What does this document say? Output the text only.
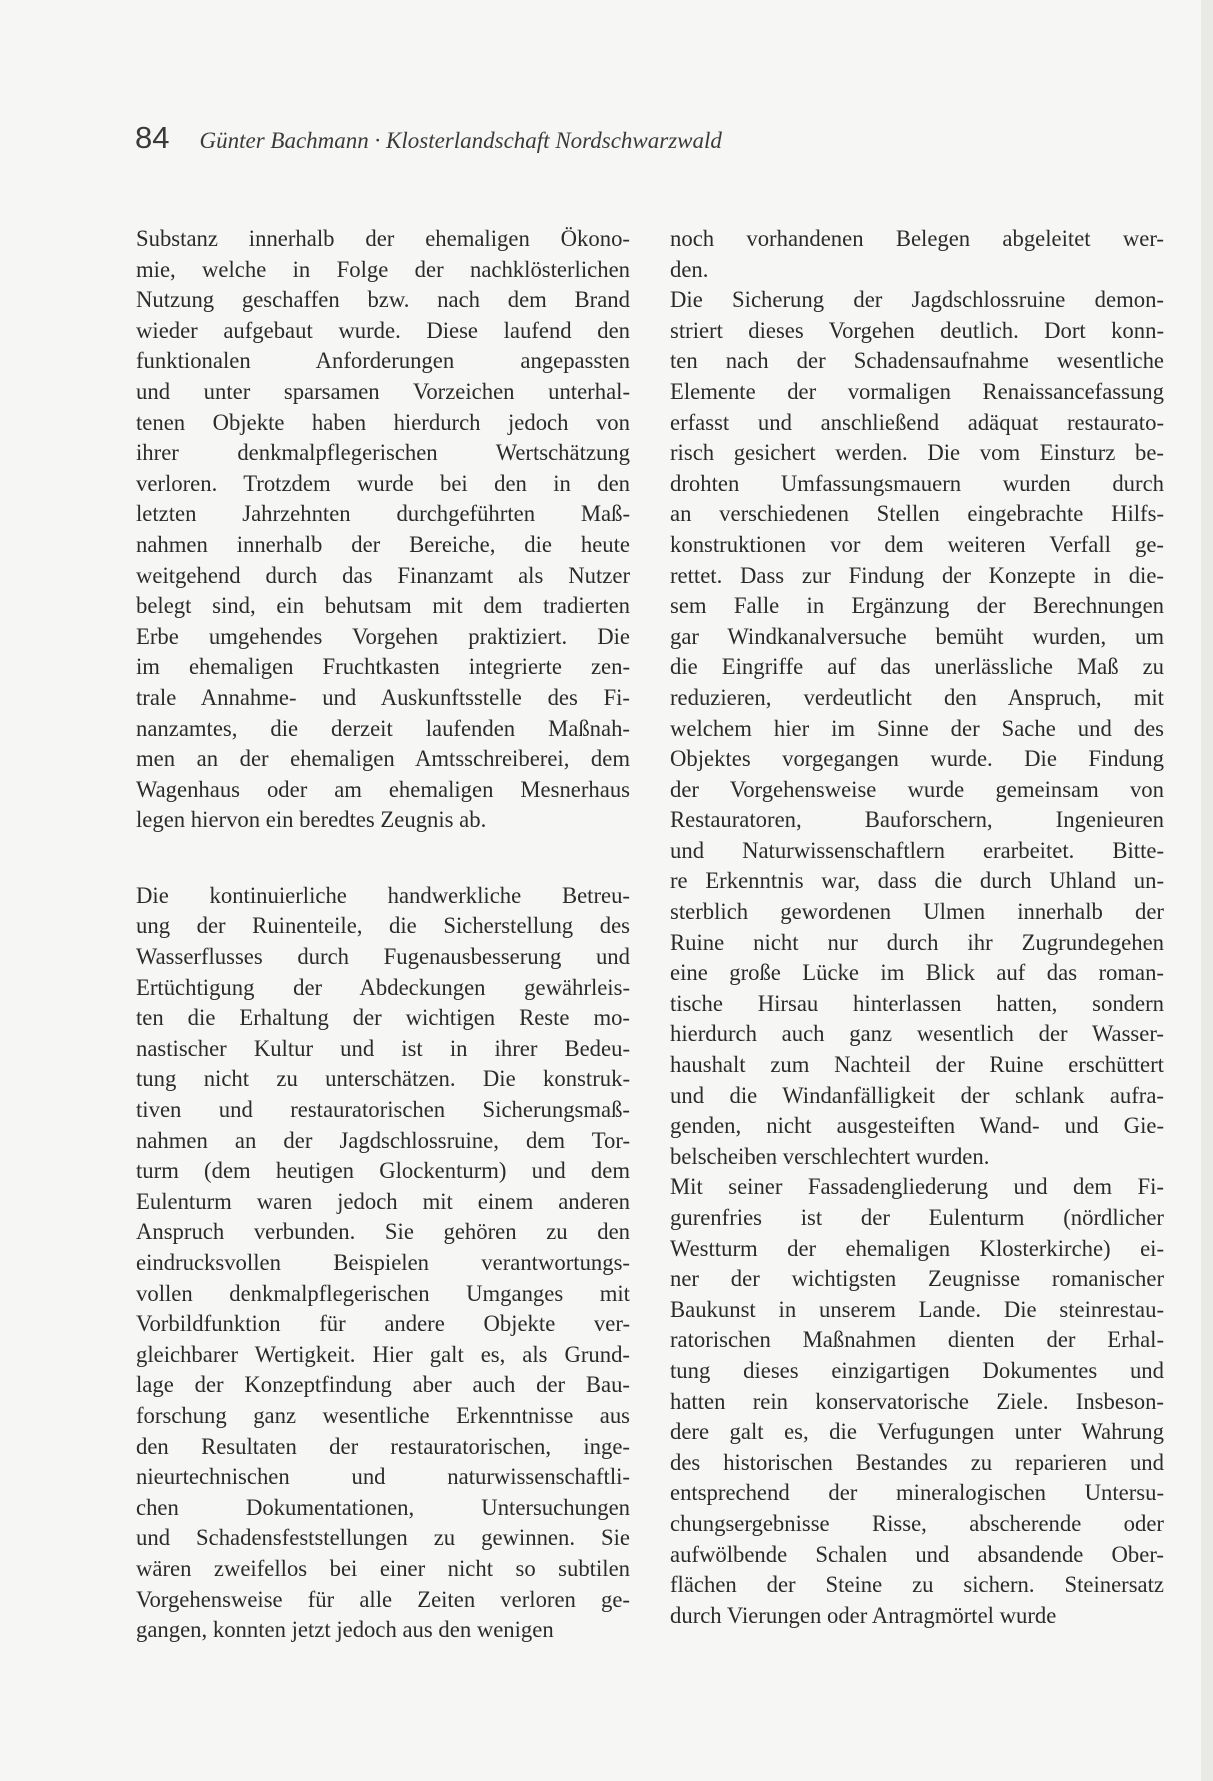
84 Günter Bachmann · Klosterlandschaft Nordschwarzwald
Substanz innerhalb der ehemaligen Ökono-
mie, welche in Folge der nachklösterlichen
Nutzung geschaffen bzw. nach dem Brand
wieder aufgebaut wurde. Diese laufend den
funktionalen Anforderungen angepassten
und unter sparsamen Vorzeichen unterhal-
tenen Objekte haben hierdurch jedoch von
ihrer denkmalpflegerischen Wertschätzung
verloren. Trotzdem wurde bei den in den
letzten Jahrzehnten durchgeführten Maß-
nahmen innerhalb der Bereiche, die heute
weitgehend durch das Finanzamt als Nutzer
belegt sind, ein behutsam mit dem tradierten
Erbe umgehendes Vorgehen praktiziert. Die
im ehemaligen Fruchtkasten integrierte zen-
trale Annahme- und Auskunftsstelle des Fi-
nanzamtes, die derzeit laufenden Maßnah-
men an der ehemaligen Amtsschreiberei, dem
Wagenhaus oder am ehemaligen Mesnerhaus
legen hiervon ein beredtes Zeugnis ab.
Die kontinuierliche handwerkliche Betreu-
ung der Ruinenteile, die Sicherstellung des
Wasserflusses durch Fugenausbesserung und
Ertüchtigung der Abdeckungen gewährleis-
ten die Erhaltung der wichtigen Reste mo-
nastischer Kultur und ist in ihrer Bedeu-
tung nicht zu unterschätzen. Die konstruk-
tiven und restauratorischen Sicherungsmaß-
nahmen an der Jagdschlossruine, dem Tor-
turm (dem heutigen Glockenturm) und dem
Eulenturm waren jedoch mit einem anderen
Anspruch verbunden. Sie gehören zu den
eindrucksvollen Beispielen verantwortungs-
vollen denkmalpflegerischen Umganges mit
Vorbildfunktion für andere Objekte ver-
gleichbarer Wertigkeit. Hier galt es, als Grund-
lage der Konzeptfindung aber auch der Bau-
forschung ganz wesentliche Erkenntnisse aus
den Resultaten der restauratorischen, inge-
nieurtechnischen und naturwissenschaftli-
chen Dokumentationen, Untersuchungen
und Schadensfeststellungen zu gewinnen. Sie
wären zweifellos bei einer nicht so subtilen
Vorgehensweise für alle Zeiten verloren ge-
gangen, konnten jetzt jedoch aus den wenigen
noch vorhandenen Belegen abgeleitet wer-
den.
Die Sicherung der Jagdschlossruine demon-
striert dieses Vorgehen deutlich. Dort konn-
ten nach der Schadensaufnahme wesentliche
Elemente der vormaligen Renaissancefassung
erfasst und anschließend adäquat restaurato-
risch gesichert werden. Die vom Einsturz be-
drohten Umfassungsmauern wurden durch
an verschiedenen Stellen eingebrachte Hilfs-
konstruktionen vor dem weiteren Verfall ge-
rettet. Dass zur Findung der Konzepte in die-
sem Falle in Ergänzung der Berechnungen
gar Windkanalversuche bemüht wurden, um
die Eingriffe auf das unerlässliche Maß zu
reduzieren, verdeutlicht den Anspruch, mit
welchem hier im Sinne der Sache und des
Objektes vorgegangen wurde. Die Findung
der Vorgehensweise wurde gemeinsam von
Restauratoren, Bauforschern, Ingenieuren
und Naturwissenschaftlern erarbeitet. Bitte-
re Erkenntnis war, dass die durch Uhland un-
sterblich gewordenen Ulmen innerhalb der
Ruine nicht nur durch ihr Zugrundegehen
eine große Lücke im Blick auf das roman-
tische Hirsau hinterlassen hatten, sondern
hierdurch auch ganz wesentlich der Wasser-
haushalt zum Nachteil der Ruine erschüttert
und die Windanfälligkeit der schlank aufra-
genden, nicht ausgesteiften Wand- und Gie-
belscheiben verschlechtert wurden.
Mit seiner Fassadengliederung und dem Fi-
gurenfries ist der Eulenturm (nördlicher
Westturm der ehemaligen Klosterkirche) ei-
ner der wichtigsten Zeugnisse romanischer
Baukunst in unserem Lande. Die steinrestau-
ratorischen Maßnahmen dienten der Erhal-
tung dieses einzigartigen Dokumentes und
hatten rein konservatorische Ziele. Insbeson-
dere galt es, die Verfugungen unter Wahrung
des historischen Bestandes zu reparieren und
entsprechend der mineralogischen Untersu-
chungsergebnisse Risse, abscherende oder
aufwölbende Schalen und absandende Ober-
flächen der Steine zu sichern. Steinersatz
durch Vierungen oder Antragmörtel wurde
